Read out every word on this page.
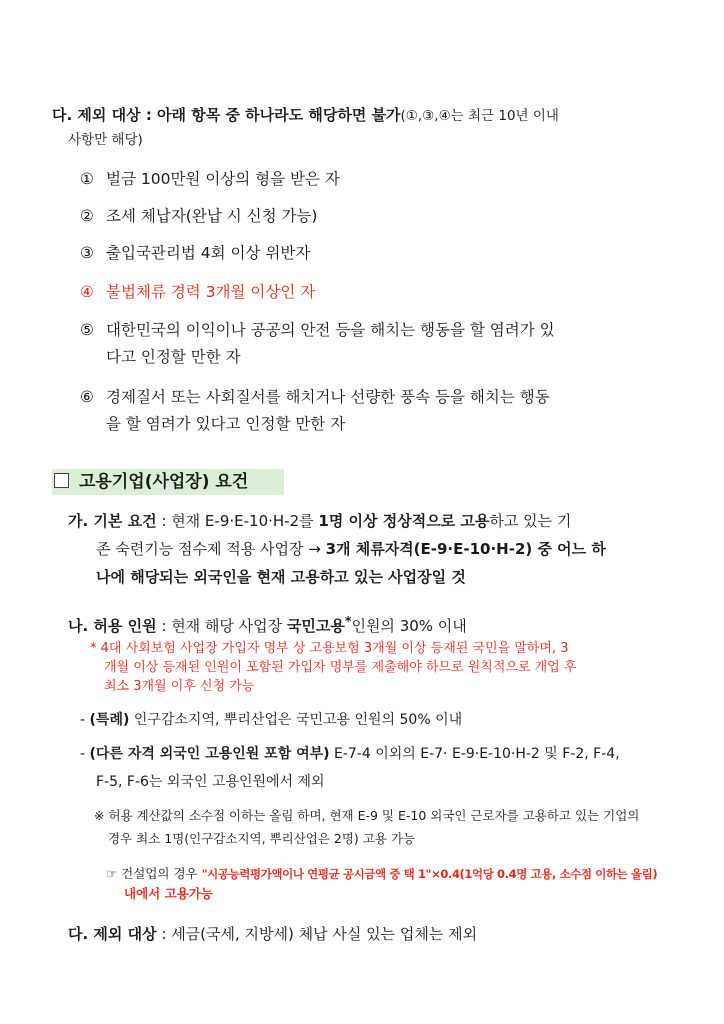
다. 제외 대상 : 아래 항목 중 하나라도 해당하면 불가(①,③,④는 최근 10년 이내
사항만 해당)
① 벌금 100만원 이상의 형을 받은 자
② 조세 체납자(완납 시 신청 가능)
③ 출입국관리법 4회 이상 위반자
④ 불법체류 경력 3개월 이상인 자
⑤ 대한민국의 이익이나 공공의 안전 등을 해치는 행동을 할 염려가 있
다고 인정할 만한 자
⑥ 경제질서 또는 사회질서를 해치거나 선량한 풍속 등을 해치는 행동
을 할 염려가 있다고 인정할 만한 자
고용기업(사업장) 요건
가. 기본 요건 : 현재 E-9·E-10·H-2를 1명 이상 정상적으로 고용하고 있는 기
존 숙련기능 점수제 적용 사업장 → 3개 체류자격(E-9·E-10·H-2) 중 어느 하
나에 해당되는 외국인을 현재 고용하고 있는 사업장일 것
나. 허용 인원 : 현재 해당 사업장 국민고용*인원의 30% 이내
* 4대 사회보험 사업장 가입자 명부 상 고용보험 3개월 이상 등재된 국민을 말하며, 3
개월 이상 등재된 인원이 포함된 가입자 명부를 제출해야 하므로 원칙적으로 개업 후
최소 3개월 이후 신청 가능
- (특례) 인구감소지역, 뿌리산업은 국민고용 인원의 50% 이내
- (다른 자격 외국인 고용인원 포함 여부) E-7-4 이외의 E-7· E-9·E-10·H-2 및 F-2, F-4,
F-5, F-6는 외국인 고용인원에서 제외
※ 허용 계산값의 소수점 이하는 올림 하며, 현재 E-9 및 E-10 외국인 근로자를 고용하고 있는 기업의
경우 최소 1명(인구감소지역, 뿌리산업은 2명) 고용 가능
☞ 건설업의 경우 "시공능력평가액이나 연평균 공시금액 중 택 1"×0.4(1억당 0.4명 고용, 소수점 이하는 올림)
내에서 고용가능
다. 제외 대상 : 세금(국세, 지방세) 체납 사실 있는 업체는 제외
